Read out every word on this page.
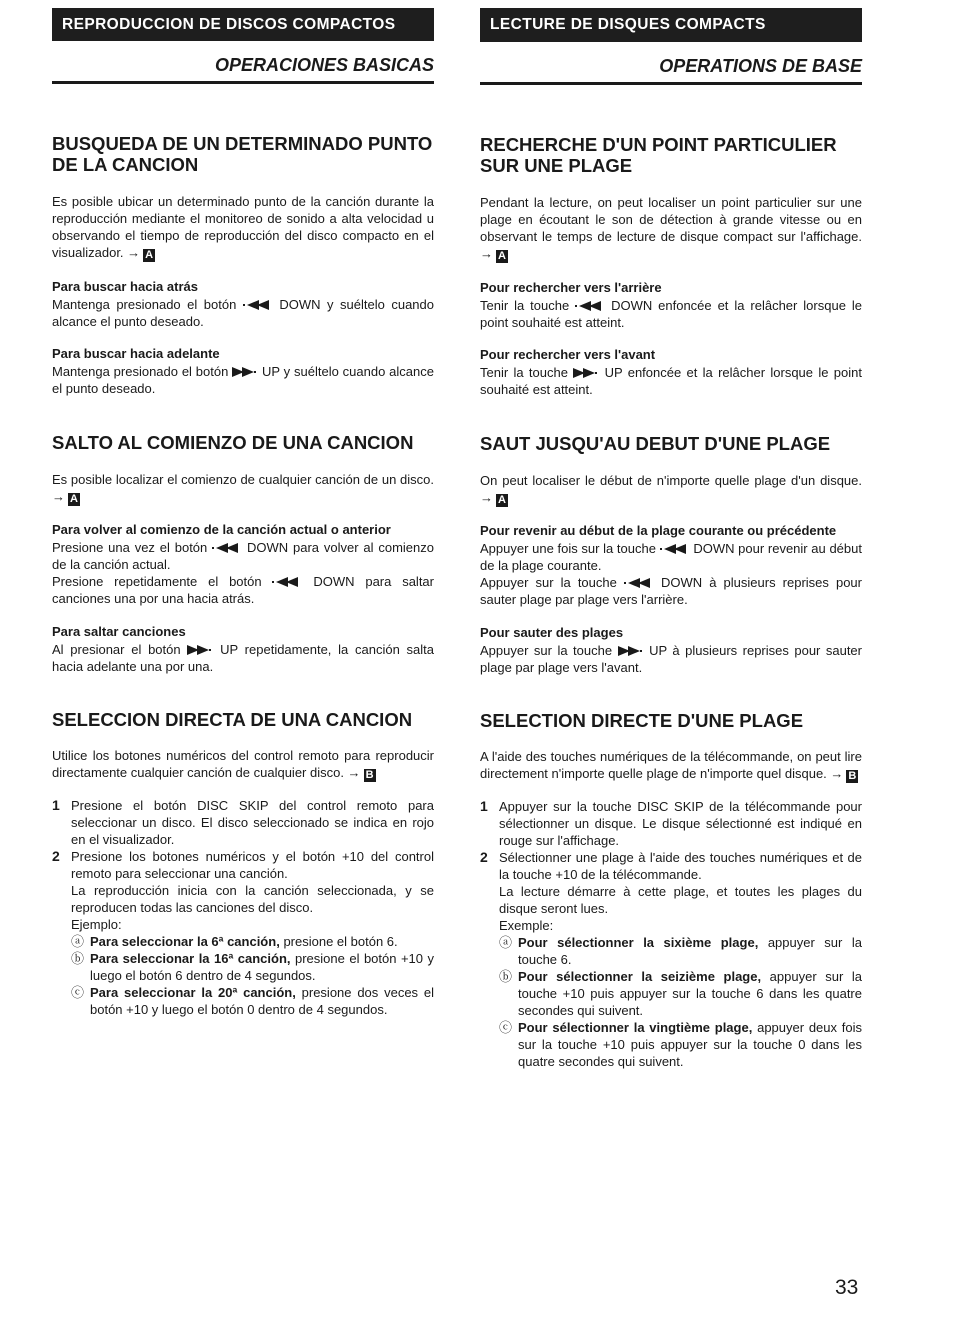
REPRODUCCION DE DISCOS COMPACTOS
OPERACIONES BASICAS
BUSQUEDA DE UN DETERMINADO PUNTO DE LA CANCION
Es posible ubicar un determinado punto de la canción durante la reproducción mediante el monitoreo de sonido a alta velocidad u observando el tiempo de reproducción del disco compacto en el visualizador. → A
Para buscar hacia atrás
Mantenga presionado el botón	DOWN y suéltelo cuando alcance el punto deseado.
Para buscar hacia adelante
Mantenga presionado el botón	UP y suéltelo cuando alcance el punto deseado.
SALTO AL COMIENZO DE UNA CANCION
Es posible localizar el comienzo de cualquier canción de un disco. → A
Para volver al comienzo de la canción actual o anterior
Presione una vez el botón	DOWN para volver al comienzo de la canción actual.
Presione repetidamente el botón	DOWN para saltar canciones una por una hacia atrás.
Para saltar canciones
Al presionar el botón	UP repetidamente, la canción salta hacia adelante una por una.
SELECCION DIRECTA DE UNA CANCION
Utilice los botones numéricos del control remoto para reproducir directamente cualquier canción de cualquier disco. → B
1 Presione el botón DISC SKIP del control remoto para seleccionar un disco. El disco seleccionado se indica en rojo en el visualizador.
2 Presione los botones numéricos y el botón +10 del control remoto para seleccionar una canción.
La reproducción inicia con la canción seleccionada, y se reproducen todas las canciones del disco.
Ejemplo:
ⓐ Para seleccionar la 6ª canción, presione el botón 6.
ⓑ Para seleccionar la 16ª canción, presione el botón +10 y luego el botón 6 dentro de 4 segundos.
ⓒ Para seleccionar la 20ª canción, presione dos veces el botón +10 y luego el botón 0 dentro de 4 segundos.
LECTURE DE DISQUES COMPACTS
OPERATIONS DE BASE
RECHERCHE D'UN POINT PARTICULIER SUR UNE PLAGE
Pendant la lecture, on peut localiser un point particulier sur une plage en écoutant le son de détection à grande vitesse ou en observant le temps de lecture de disque compact sur l'affichage. → A
Pour rechercher vers l'arrière
Tenir la touche	DOWN enfoncée et la relâcher lorsque le point souhaité est atteint.
Pour rechercher vers l'avant
Tenir la touche	UP enfoncée et la relâcher lorsque le point souhaité est atteint.
SAUT JUSQU'AU DEBUT D'UNE PLAGE
On peut localiser le début de n'importe quelle plage d'un disque. → A
Pour revenir au début de la plage courante ou précédente
Appuyer une fois sur la touche	DOWN pour revenir au début de la plage courante.
Appuyer sur la touche	DOWN à plusieurs reprises pour sauter plage par plage vers l'arrière.
Pour sauter des plages
Appuyer sur la touche	UP à plusieurs reprises pour sauter plage par plage vers l'avant.
SELECTION DIRECTE D'UNE PLAGE
A l'aide des touches numériques de la télécommande, on peut lire directement n'importe quelle plage de n'importe quel disque. → B
1 Appuyer sur la touche DISC SKIP de la télécommande pour sélectionner un disque. Le disque sélectionné est indiqué en rouge sur l'affichage.
2 Sélectionner une plage à l'aide des touches numériques et de la touche +10 de la télécommande.
La lecture démarre à cette plage, et toutes les plages du disque seront lues.
Exemple:
ⓐ Pour sélectionner la sixième plage, appuyer sur la touche 6.
ⓑ Pour sélectionner la seizième plage, appuyer sur la touche +10 puis appuyer sur la touche 6 dans les quatre secondes qui suivent.
ⓒ Pour sélectionner la vingtième plage, appuyer deux fois sur la touche +10 puis appuyer sur la touche 0 dans les quatre secondes qui suivent.
33
